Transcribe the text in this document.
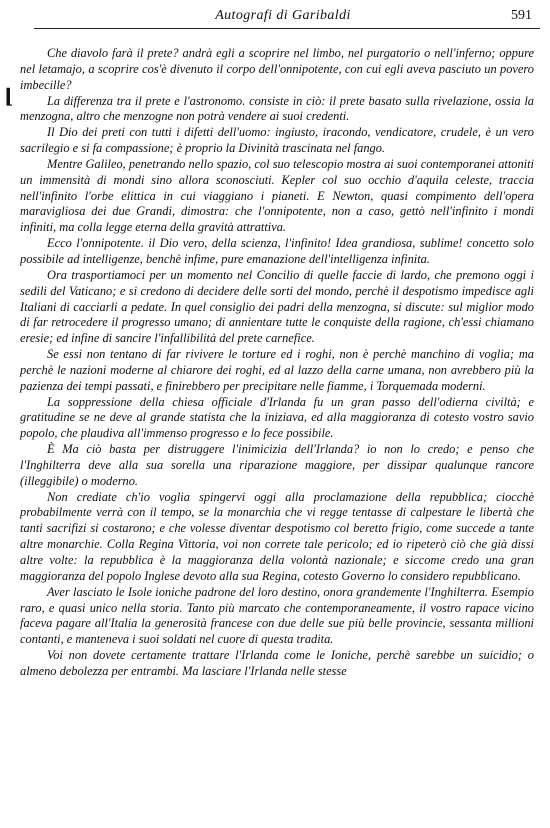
Autografi di Garibaldi	591
⌊

Che diavolo farà il prete? andrà egli a scoprire nel limbo, nel purgatorio o nell'inferno; oppure nel letamajo, a scoprire cos'è divenuto il corpo dell'onnipotente, con cui egli aveva pasciuto un povero imbecille?

La differenza tra il prete e l'astronomo. consiste in ciò: il prete basato sulla rivelazione, ossia la menzogna, altro che menzogne non potrà vendere ai suoi credenti.

Il Dio dei preti con tutti i difetti dell'uomo: ingiusto, iracondo, vendicatore, crudele, è un vero sacrilegio e si fa compassione; è proprio la Divinità trascinata nel fango.

Mentre Galileo, penetrando nello spazio, col suo telescopio mostra ai suoi contemporanei attoniti un immensità di mondi sino allora sconosciuti. Kepler col suo occhio d'aquila celeste, traccia nell'infinito l'orbe elittica in cui viaggiano i pianeti. E Newton, quasi compimento dell'opera maravigliosa dei due Grandi, dimostra: che l'onnipotente, non a caso, gettò nell'infinito i mondi infiniti, ma colla legge eterna della gravità attrattiva.

Ecco l'onnipotente. il Dio vero, della scienza, l'infinito! Idea grandiosa, sublime! concetto solo possibile ad intelligenze, benchè infime, pure emanazione dell'intelligenza infinita.

Ora trasportiamoci per un momento nel Concilio di quelle faccie di lardo, che premono oggi i sedili del Vaticano; e si credono di decidere delle sorti del mondo, perchè il despotismo impedisce agli Italiani di cacciarli a pedate. In quel consiglio dei padri della menzogna, si discute: sul miglior modo di far retrocedere il progresso umano; di annientare tutte le conquiste della ragione, ch'essi chiamano eresie; ed infine di sancire l'infallibilità del prete carnefice.

Se essi non tentano di far rivivere le torture ed i roghi, non è perchè manchino di voglia; ma perchè le nazioni moderne al chiarore dei roghi, ed al lazzo della carne umana, non avrebbero più la pazienza dei tempi passati, e finirebbero per precipitare nelle fiamme, i Torquemada moderni.

La soppressione della chiesa officiale d'Irlanda fu un gran passo dell'odierna civiltà; e gratitudine se ne deve al grande statista che la iniziava, ed alla maggioranza di cotesto vostro savio popolo, che plaudiva all'immenso progresso e lo fece possibile.

È Ma ciò basta per distruggere l'inimicizia dell'Irlanda? io non lo credo; e penso che l'Inghilterra deve alla sua sorella una riparazione maggiore, per dissipar qualunque rancore (illeggibile) o moderno.

Non crediate ch'io voglia spingervi oggi alla proclamazione della repubblica; ciocchè probabilmente verrà con il tempo, se la monarchia che vi regge tentasse di calpestare le libertà che tanti sacrifizi si costarono; e che volesse diventar despotismo col beretto frigio, come succede a tante altre monarchie. Colla Regina Vittoria, voi non correte tale pericolo; ed io ripeterò ciò che già dissi altre volte: la repubblica è la maggioranza della volontà nazionale; e siccome credo una gran maggioranza del popolo Inglese devoto alla sua Regina, cotesto Governo lo considero repubblicano.

Aver lasciato le Isole ioniche padrone del loro destino, onora grandemente l'Inghilterra. Esempio raro, e quasi unico nella storia. Tanto più marcato che contemporaneamente, il vostro rapace vicino faceva pagare all'Italia la generosità francese con due delle sue più belle provincie, sessanta millioni contanti, e manteneva i suoi soldati nel cuore di questa tradita.

Voi non dovete certamente trattare l'Irlanda come le Ioniche, perchè sarebbe un suicidio; o almeno debolezza per entrambi. Ma lasciare l'Irlanda nelle stesse
